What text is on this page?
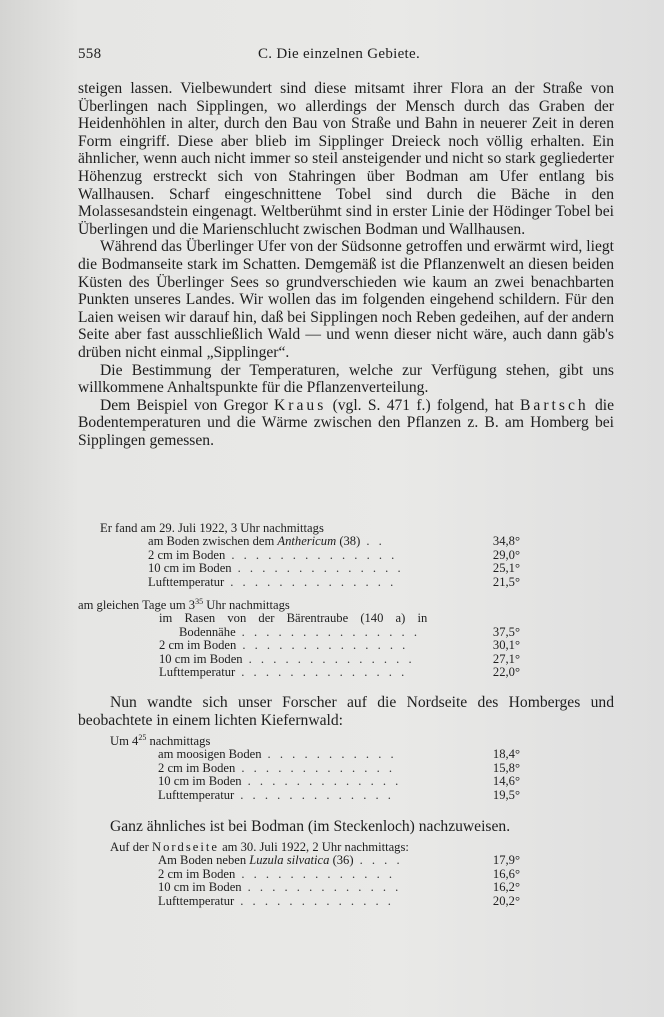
558	C. Die einzelnen Gebiete.

steigen lassen. Vielbewundert sind diese mitsamt ihrer Flora an der Straße von Überlingen nach Sipplingen, wo allerdings der Mensch durch das Graben der Heidenhöhlen in alter, durch den Bau von Straße und Bahn in neuerer Zeit in deren Form eingriff. Diese aber blieb im Sipplinger Dreieck noch völlig erhalten. Ein ähnlicher, wenn auch nicht immer so steil ansteigender und nicht so stark gegliederter Höhenzug erstreckt sich von Stahringen über Bodman am Ufer entlang bis Wallhausen. Scharf eingeschnittene Tobel sind durch die Bäche in den Molassesandstein eingenagt. Weltberühmt sind in erster Linie der Hödinger Tobel bei Überlingen und die Marienschlucht zwischen Bodman und Wallhausen.

Während das Überlinger Ufer von der Südsonne getroffen und erwärmt wird, liegt die Bodmanseite stark im Schatten. Demgemäß ist die Pflanzenwelt an diesen beiden Küsten des Überlinger Sees so grundverschieden wie kaum an zwei benachbarten Punkten unseres Landes. Wir wollen das im folgenden eingehend schildern. Für den Laien weisen wir darauf hin, daß bei Sipplingen noch Reben gedeihen, auf der andern Seite aber fast ausschließlich Wald — und wenn dieser nicht wäre, auch dann gäb's drüben nicht einmal „Sipplinger“.

Die Bestimmung der Temperaturen, welche zur Verfügung stehen, gibt uns willkommene Anhaltspunkte für die Pflanzenverteilung.

Dem Beispiel von Gregor Kraus (vgl. S. 471 f.) folgend, hat Bartsch die Bodentemperaturen und die Wärme zwischen den Pflanzen z. B. am Homberg bei Sipplingen gemessen.

Er fand am 29. Juli 1922, 3 Uhr nachmittags
am Boden zwischen dem Anthericum (38) . .	34,8°
2 cm im Boden . . . . . . . . . . . . . .	29,0°
10 cm im Boden . . . . . . . . . . . . . .	25,1°
Lufttemperatur . . . . . . . . . . . . . .	21,5°
am gleichen Tage um $3^{35}$ Uhr nachmittags
im Rasen von der Bärentraube (140 a) in
Bodennähe . . . . . . . . . . . . . . .	37,5°
2 cm im Boden . . . . . . . . . . . . . .	30,1°
10 cm im Boden . . . . . . . . . . . . . .	27,1°
Lufttemperatur . . . . . . . . . . . . . .	22,0°

Nun wandte sich unser Forscher auf die Nordseite des Homberges und beobachtete in einem lichten Kiefernwald:

Um $4^{25}$ nachmittags
am moosigen Boden . . . . . . . . . . .	18,4°
2 cm im Boden . . . . . . . . . . . . .	15,8°
10 cm im Boden . . . . . . . . . . . . .	14,6°
Lufttemperatur . . . . . . . . . . . . .	19,5°

Ganz ähnliches ist bei Bodman (im Steckenloch) nachzuweisen.

Auf der Nordseite am 30. Juli 1922, 2 Uhr nachmittags:
Am Boden neben Luzula silvatica (36) . . . .	17,9°
2 cm im Boden . . . . . . . . . . . . .	16,6°
10 cm im Boden . . . . . . . . . . . . .	16,2°
Lufttemperatur . . . . . . . . . . . . .	20,2°
